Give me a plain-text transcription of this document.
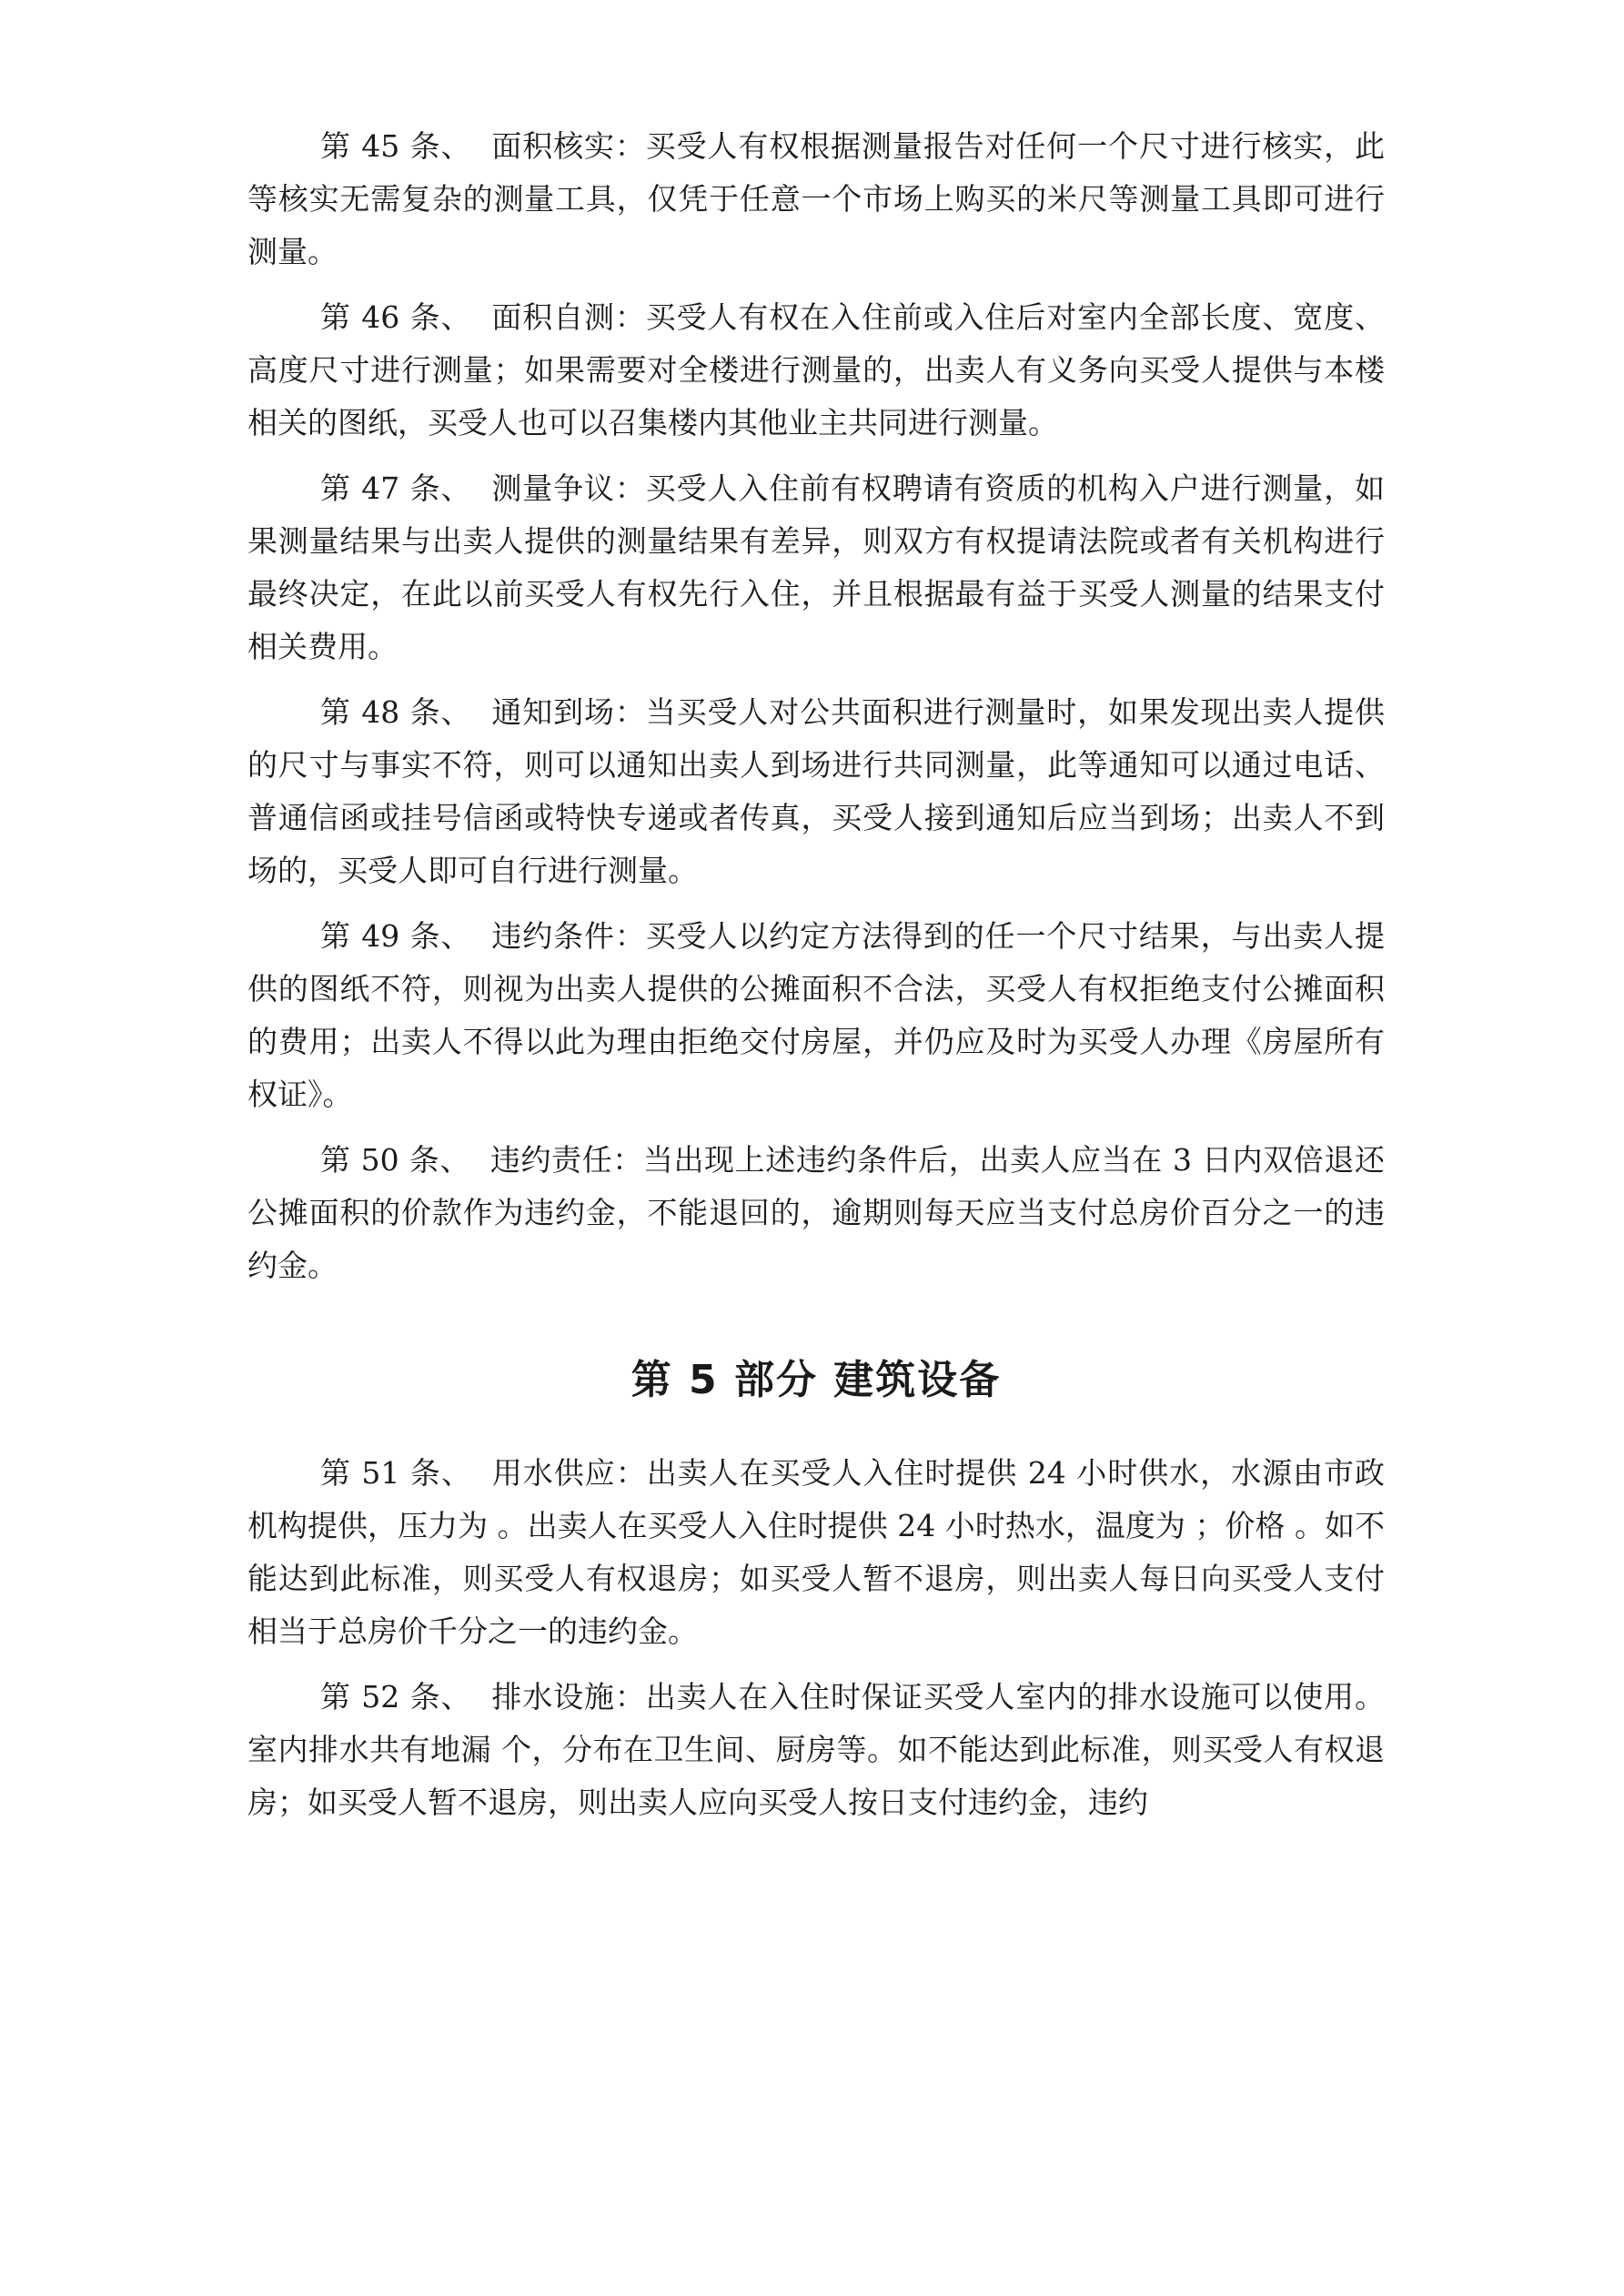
第 45 条、 面积核实：买受人有权根据测量报告对任何一个尺寸进行核实，此等核实无需复杂的测量工具，仅凭于任意一个市场上购买的米尺等测量工具即可进行测量。

第 46 条、 面积自测：买受人有权在入住前或入住后对室内全部长度、宽度、高度尺寸进行测量；如果需要对全楼进行测量的，出卖人有义务向买受人提供与本楼相关的图纸，买受人也可以召集楼内其他业主共同进行测量。

第 47 条、 测量争议：买受人入住前有权聘请有资质的机构入户进行测量，如果测量结果与出卖人提供的测量结果有差异，则双方有权提请法院或者有关机构进行最终决定，在此以前买受人有权先行入住，并且根据最有益于买受人测量的结果支付相关费用。

第 48 条、 通知到场：当买受人对公共面积进行测量时，如果发现出卖人提供的尺寸与事实不符，则可以通知出卖人到场进行共同测量，此等通知可以通过电话、普通信函或挂号信函或特快专递或者传真，买受人接到通知后应当到场；出卖人不到场的，买受人即可自行进行测量。

第 49 条、 违约条件：买受人以约定方法得到的任一个尺寸结果，与出卖人提供的图纸不符，则视为出卖人提供的公摊面积不合法，买受人有权拒绝支付公摊面积的费用；出卖人不得以此为理由拒绝交付房屋，并仍应及时为买受人办理《房屋所有权证》。

第 50 条、 违约责任：当出现上述违约条件后，出卖人应当在 3 日内双倍退还公摊面积的价款作为违约金，不能退回的，逾期则每天应当支付总房价百分之一的违约金。

第 5 部分 建筑设备

第 51 条、 用水供应：出卖人在买受人入住时提供 24 小时供水，水源由市政机构提供，压力为 。出卖人在买受人入住时提供 24 小时热水，温度为 ；价格 。如不能达到此标准，则买受人有权退房；如买受人暂不退房，则出卖人每日向买受人支付相当于总房价千分之一的违约金。

第 52 条、 排水设施：出卖人在入住时保证买受人室内的排水设施可以使用。室内排水共有地漏 个，分布在卫生间、厨房等。如不能达到此标准，则买受人有权退房；如买受人暂不退房，则出卖人应向买受人按日支付违约金，违约
